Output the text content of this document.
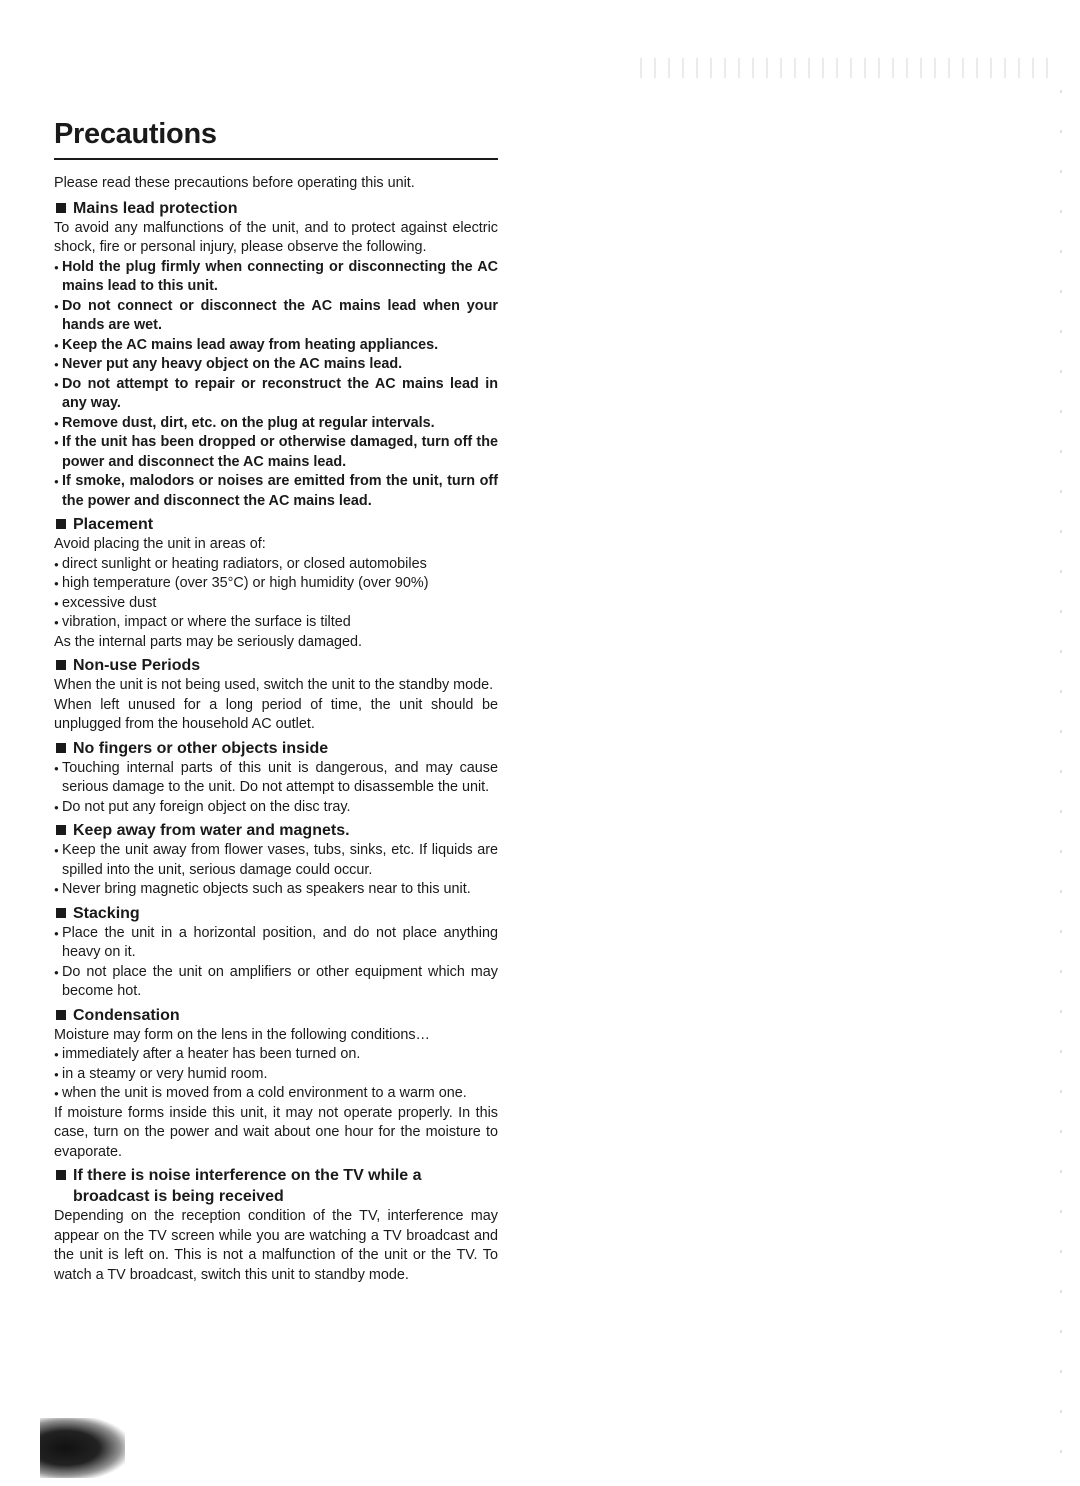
Precautions

Please read these precautions before operating this unit.

Mains lead protection

To avoid any malfunctions of the unit, and to protect against electric shock, fire or personal injury, please observe the following.

● Hold the plug firmly when connecting or disconnecting the AC mains lead to this unit.
● Do not connect or disconnect the AC mains lead when your hands are wet.
● Keep the AC mains lead away from heating appliances.
● Never put any heavy object on the AC mains lead.
● Do not attempt to repair or reconstruct the AC mains lead in any way.
● Remove dust, dirt, etc. on the plug at regular intervals.
● If the unit has been dropped or otherwise damaged, turn off the power and disconnect the AC mains lead.
● If smoke, malodors or noises are emitted from the unit, turn off the power and disconnect the AC mains lead.
Placement

Avoid placing the unit in areas of:

● direct sunlight or heating radiators, or closed automobiles
● high temperature (over 35°C) or high humidity (over 90%)
● excessive dust
● vibration, impact or where the surface is tilted

As the internal parts may be seriously damaged.

Non-use Periods

When the unit is not being used, switch the unit to the standby mode.

When left unused for a long period of time, the unit should be unplugged from the household AC outlet.

No fingers or other objects inside
● Touching internal parts of this unit is dangerous, and may cause serious damage to the unit. Do not attempt to disassemble the unit.
● Do not put any foreign object on the disc tray.
Keep away from water and magnets.
● Keep the unit away from flower vases, tubs, sinks, etc. If liquids are spilled into the unit, serious damage could occur.
● Never bring magnetic objects such as speakers near to this unit.
Stacking
● Place the unit in a horizontal position, and do not place anything heavy on it.
● Do not place the unit on amplifiers or other equipment which may become hot.
Condensation

Moisture may form on the lens in the following conditions…

● immediately after a heater has been turned on.
● in a steamy or very humid room.
● when the unit is moved from a cold environment to a warm one.

If moisture forms inside this unit, it may not operate properly. In this case, turn on the power and wait about one hour for the moisture to evaporate.

If there is noise interference on the TV while a broadcast is being received

Depending on the reception condition of the TV, interference may appear on the TV screen while you are watching a TV broadcast and the unit is left on. This is not a malfunction of the unit or the TV. To watch a TV broadcast, switch this unit to standby mode.
